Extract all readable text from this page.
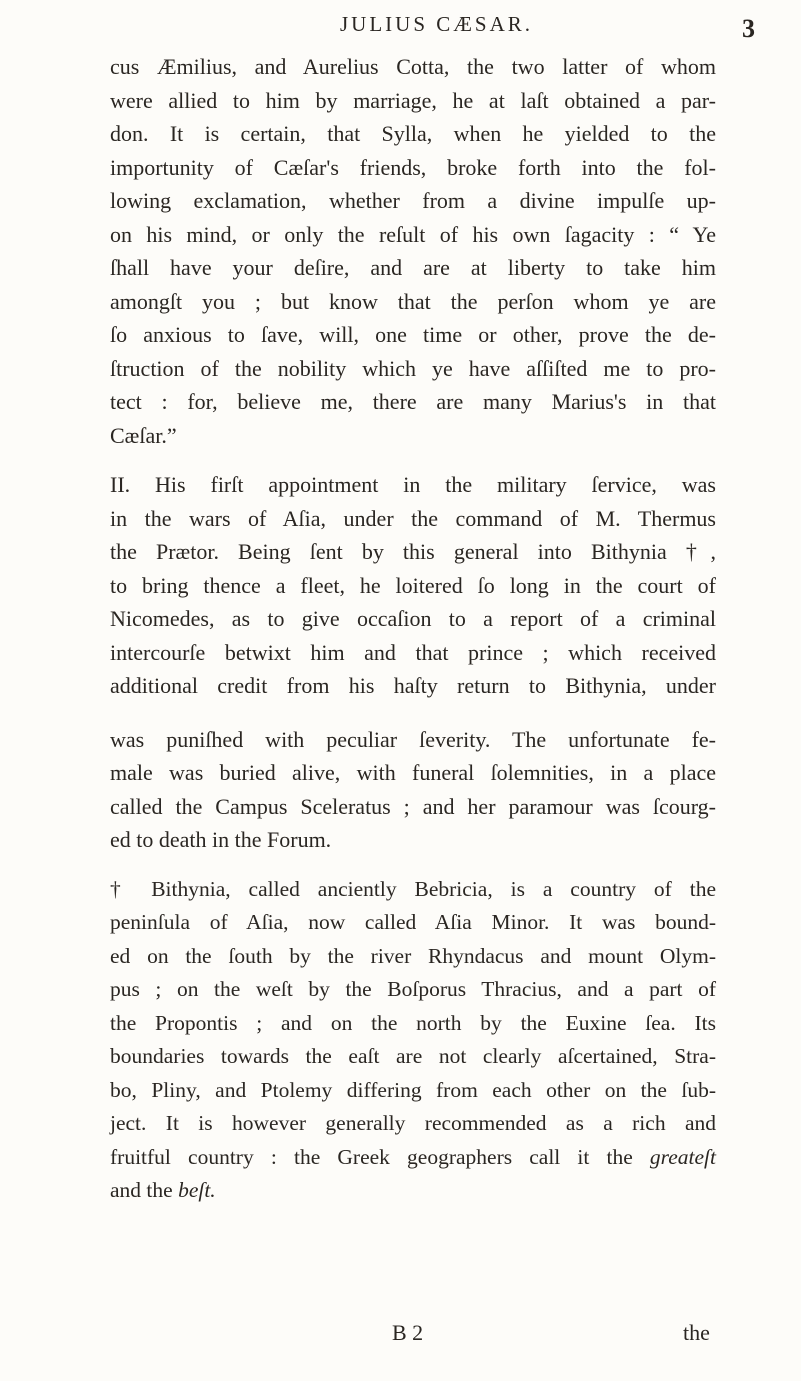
JULIUS CÆSAR.	3
cus Æmilius, and Aurelius Cotta, the two latter of whom
were allied to him by marriage, he at laſt obtained a par-
don. It is certain, that Sylla, when he yielded to the
importunity of Cæſar's friends, broke forth into the fol-
lowing exclamation, whether from a divine impulſe up-
on his mind, or only the reſult of his own ſagacity : “ Ye
ſhall have your deſire, and are at liberty to take him
amongſt you ; but know that the perſon whom ye are
ſo anxious to ſave, will, one time or other, prove the de-
ſtruction of the nobility which ye have aſſiſted me to pro-
tect : for, believe me, there are many Marius's in that
Cæſar.”
II. His firſt appointment in the military ſervice, was
in the wars of Aſia, under the command of M. Thermus
the Prætor. Being ſent by this general into Bithynia †,
to bring thence a fleet, he loitered ſo long in the court of
Nicomedes, as to give occaſion to a report of a criminal
intercourſe betwixt him and that prince ; which received
additional credit from his haſty return to Bithynia, under
was puniſhed with peculiar ſeverity. The unfortunate fe-
male was buried alive, with funeral ſolemnities, in a place
called the Campus Sceleratus ; and her paramour was ſcourg-
ed to death in the Forum.
† Bithynia, called anciently Bebricia, is a country of the
peninſula of Aſia, now called Aſia Minor. It was bound-
ed on the ſouth by the river Rhyndacus and mount Olym-
pus ; on the weſt by the Boſporus Thracius, and a part of
the Propontis ; and on the north by the Euxine ſea. Its
boundaries towards the eaſt are not clearly aſcertained, Stra-
bo, Pliny, and Ptolemy differing from each other on the ſub-
ject. It is however generally recommended as a rich and
fruitful country : the Greek geographers call it the greateſt
and the beſt.
B 2	the
